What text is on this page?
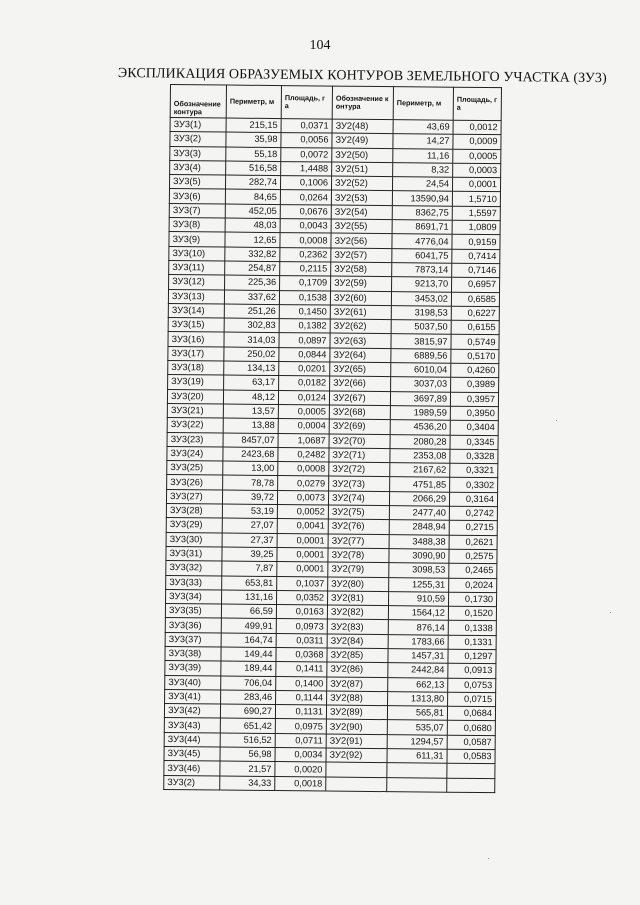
104
ЭКСПЛИКАЦИЯ ОБРАЗУЕМЫХ КОНТУРОВ ЗЕМЕЛЬНОГО УЧАСТКА (ЗУ3)
Обозначение контура	Периметр, м	Площадь, га	Обозначение контура	Периметр, м	Площадь, га
ЗУ3(1)	215,15	0,0371	ЗУ2(48)	43,69	0,0012
ЗУ3(2)	35,98	0,0056	ЗУ2(49)	14,27	0,0009
ЗУ3(3)	55,18	0,0072	ЗУ2(50)	11,16	0,0005
ЗУ3(4)	516,58	1,4488	ЗУ2(51)	8,32	0,0003
ЗУ3(5)	282,74	0,1006	ЗУ2(52)	24,54	0,0001
ЗУ3(6)	84,65	0,0264	ЗУ2(53)	13590,94	1,5710
ЗУ3(7)	452,05	0,0676	ЗУ2(54)	8362,75	1,5597
ЗУ3(8)	48,03	0,0043	ЗУ2(55)	8691,71	1,0809
ЗУ3(9)	12,65	0,0008	ЗУ2(56)	4776,04	0,9159
ЗУ3(10)	332,82	0,2362	ЗУ2(57)	6041,75	0,7414
ЗУ3(11)	254,87	0,2115	ЗУ2(58)	7873,14	0,7146
ЗУ3(12)	225,36	0,1709	ЗУ2(59)	9213,70	0,6957
ЗУ3(13)	337,62	0,1538	ЗУ2(60)	3453,02	0,6585
ЗУ3(14)	251,26	0,1450	ЗУ2(61)	3198,53	0,6227
ЗУ3(15)	302,83	0,1382	ЗУ2(62)	5037,50	0,6155
ЗУ3(16)	314,03	0,0897	ЗУ2(63)	3815,97	0,5749
ЗУ3(17)	250,02	0,0844	ЗУ2(64)	6889,56	0,5170
ЗУ3(18)	134,13	0,0201	ЗУ2(65)	6010,04	0,4260
ЗУ3(19)	63,17	0,0182	ЗУ2(66)	3037,03	0,3989
ЗУ3(20)	48,12	0,0124	ЗУ2(67)	3697,89	0,3957
ЗУ3(21)	13,57	0,0005	ЗУ2(68)	1989,59	0,3950
ЗУ3(22)	13,88	0,0004	ЗУ2(69)	4536,20	0,3404
ЗУ3(23)	8457,07	1,0687	ЗУ2(70)	2080,28	0,3345
ЗУ3(24)	2423,68	0,2482	ЗУ2(71)	2353,08	0,3328
ЗУ3(25)	13,00	0,0008	ЗУ2(72)	2167,62	0,3321
ЗУ3(26)	78,78	0,0279	ЗУ2(73)	4751,85	0,3302
ЗУ3(27)	39,72	0,0073	ЗУ2(74)	2066,29	0,3164
ЗУ3(28)	53,19	0,0052	ЗУ2(75)	2477,40	0,2742
ЗУ3(29)	27,07	0,0041	ЗУ2(76)	2848,94	0,2715
ЗУ3(30)	27,37	0,0001	ЗУ2(77)	3488,38	0,2621
ЗУ3(31)	39,25	0,0001	ЗУ2(78)	3090,90	0,2575
ЗУ3(32)	7,87	0,0001	ЗУ2(79)	3098,53	0,2465
ЗУ3(33)	653,81	0,1037	ЗУ2(80)	1255,31	0,2024
ЗУ3(34)	131,16	0,0352	ЗУ2(81)	910,59	0,1730
ЗУ3(35)	66,59	0,0163	ЗУ2(82)	1564,12	0,1520
ЗУ3(36)	499,91	0,0973	ЗУ2(83)	876,14	0,1338
ЗУ3(37)	164,74	0,0311	ЗУ2(84)	1783,66	0,1331
ЗУ3(38)	149,44	0,0368	ЗУ2(85)	1457,31	0,1297
ЗУ3(39)	189,44	0,1411	ЗУ2(86)	2442,84	0,0913
ЗУ3(40)	706,04	0,1400	ЗУ2(87)	662,13	0,0753
ЗУ3(41)	283,46	0,1144	ЗУ2(88)	1313,80	0,0715
ЗУ3(42)	690,27	0,1131	ЗУ2(89)	565,81	0,0684
ЗУ3(43)	651,42	0,0975	ЗУ2(90)	535,07	0,0680
ЗУ3(44)	516,52	0,0711	ЗУ2(91)	1294,57	0,0587
ЗУ3(45)	56,98	0,0034	ЗУ2(92)	611,31	0,0583
ЗУ3(46)	21,57	0,0020			
ЗУ3(2)	34,33	0,0018			
